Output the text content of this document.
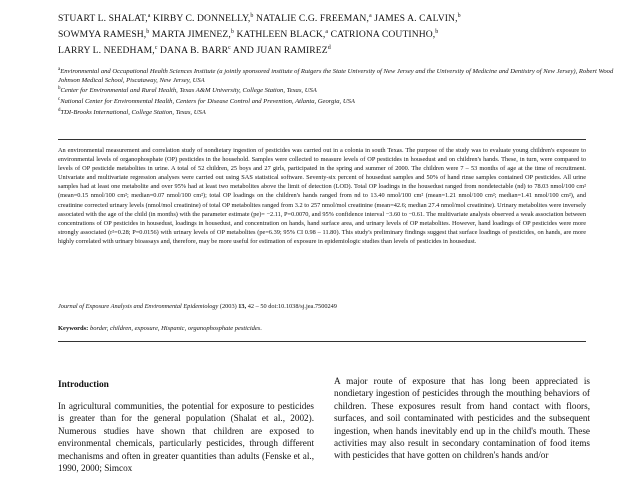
STUART L. SHALAT,$^a$ KIRBY C. DONNELLY,$^b$ NATALIE C.G. FREEMAN,$^a$ JAMES A. CALVIN,$^b$
SOWMYA RAMESH,$^b$ MARTA JIMENEZ,$^b$ KATHLEEN BLACK,$^a$ CATRIONA COUTINHO,$^b$
LARRY L. NEEDHAM,$^c$ DANA B. BARR$^c$ AND JUAN RAMIREZ$^d$

$^a$Environmental and Occupational Health Sciences Institute (a jointly sponsored institute of Rutgers the State University of New Jersey and the University of Medicine and Dentistry of New Jersey), Robert Wood Johnson Medical School, Piscataway, New Jersey, USA

$^b$Center for Environmental and Rural Health, Texas A&M University, College Station, Texas, USA

$^c$National Center for Environmental Health, Centers for Disease Control and Prevention, Atlanta, Georgia, USA

$^d$TDI-Brooks International, College Station, Texas, USA

An environmental measurement and correlation study of nondietary ingestion of pesticides was carried out in a colonia in south Texas. The purpose of the study was to evaluate young children's exposure to environmental levels of organophosphate (OP) pesticides in the household. Samples were collected to measure levels of OP pesticides in housedust and on children's hands. These, in turn, were compared to levels of OP pesticide metabolites in urine. A total of 52 children, 25 boys and 27 girls, participated in the spring and summer of 2000. The children were 7 – 53 months of age at the time of recruitment. Univariate and multivariate regression analyses were carried out using SAS statistical software. Seventy-six percent of housedust samples and 50% of hand rinse samples contained OP pesticides. All urine samples had at least one metabolite and over 95% had at least two metabolites above the limit of detection (LOD). Total OP loadings in the housedust ranged from nondetectable (nd) to 78.03 nmol/100 cm² (mean=0.15 nmol/100 cm²; median=0.07 nmol/100 cm²); total OP loadings on the children's hands ranged from nd to 13.40 nmol/100 cm² (mean=1.21 nmol/100 cm²; median=1.41 nmol/100 cm²), and creatinine corrected urinary levels (nmol/mol creatinine) of total OP metabolites ranged from 3.2 to 257 nmol/mol creatinine (mean=42.6; median 27.4 nmol/mol creatinine). Urinary metabolites were inversely associated with the age of the child (in months) with the parameter estimate (pe)= −2.11, P=0.0070, and 95% confidence interval −3.60 to −0.61. The multivariate analysis observed a weak association between concentrations of OP pesticides in housedust, loadings in housedust, and concentration on hands, hand surface area, and urinary levels of OP metabolites. However, hand loadings of OP pesticides were more strongly associated (r²=0.28; P=0.0156) with urinary levels of OP metabolites (pe=6.39; 95% CI 0.98 – 11.80). This study's preliminary findings suggest that surface loadings of pesticides, on hands, are more highly correlated with urinary bioassays and, therefore, may be more useful for estimation of exposure in epidemiologic studies than levels of pesticides in housedust.

Journal of Exposure Analysis and Environmental Epidemiology (2003) 13, 42 – 50 doi:10.1038/sj.jea.7500249

Keywords: border, children, exposure, Hispanic, organophosphate pesticides.

Introduction

In agricultural communities, the potential for exposure to pesticides is greater than for the general population (Shalat et al., 2002). Numerous studies have shown that children are exposed to environmental chemicals, particularly pesticides, through different mechanisms and often in greater quantities than adults (Fenske et al., 1990, 2000; Simcox

A major route of exposure that has long been appreciated is nondietary ingestion of pesticides through the mouthing behaviors of children. These exposures result from hand contact with floors, surfaces, and soil contaminated with pesticides and the subsequent ingestion, when hands inevitably end up in the child's mouth. These activities may also result in secondary contamination of food items with pesticides that have gotten on children's hands and/or
